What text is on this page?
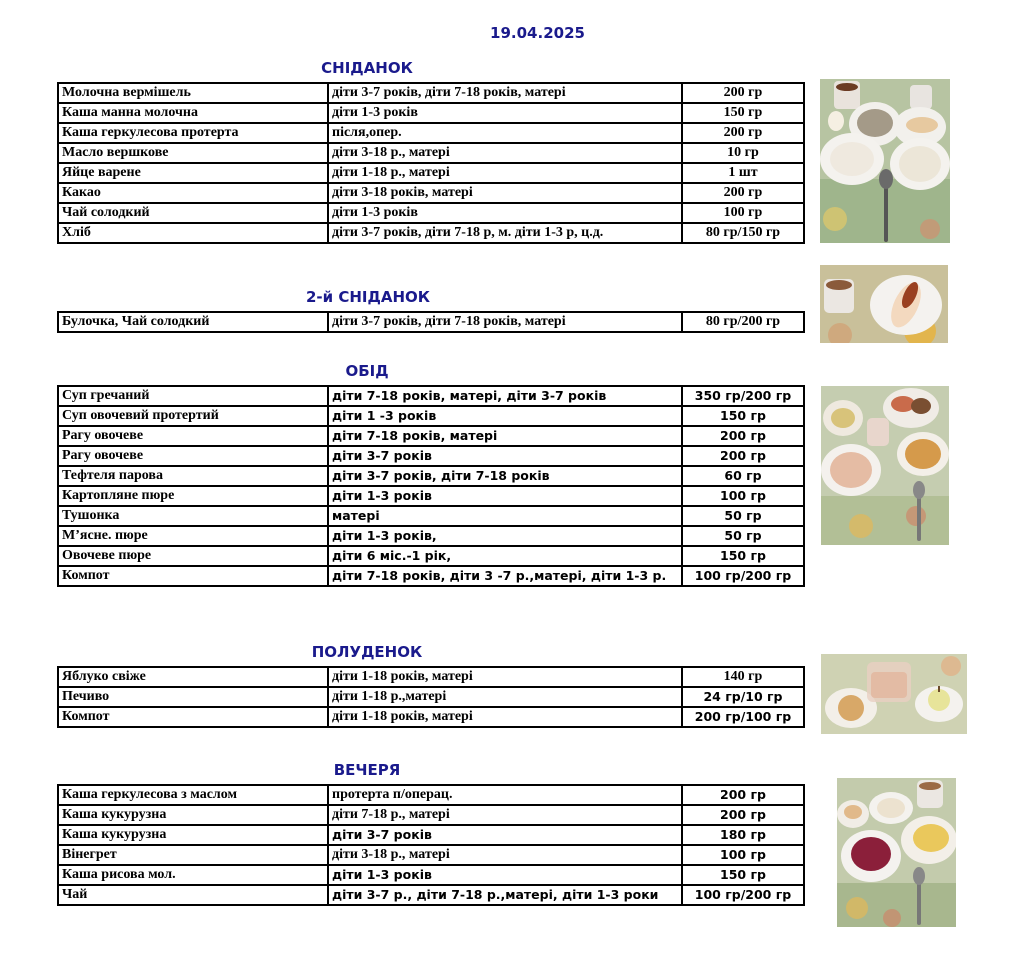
19.04.2025
СНІДАНОК
Молочна вермішель	діти 3-7 років, діти 7-18 років, матері	200 гр
Каша манна молочна	діти 1-3 років	150 гр
Каша геркулесова протерта	після,опер.	200 гр
Масло вершкове	діти 3-18 р., матері	10 гр
Яйце варене	діти 1-18 р., матері	1 шт
Какао	діти 3-18 років, матері	200 гр
Чай солодкий	діти 1-3 років	100 гр
Хліб	діти 3-7 років, діти 7-18 р, м. діти 1-3 р, ц.д.	80 гр/150 гр
2-й СНІДАНОК
Булочка, Чай солодкий	діти 3-7 років, діти 7-18 років, матері	80 гр/200 гр
ОБІД
Суп гречаний	діти 7-18 років, матері, діти 3-7 років	350 гр/200 гр
Суп овочевий протертий	діти 1 -3 років	150 гр
Рагу овочеве	діти 7-18 років, матері	200 гр
Рагу овочеве	діти 3-7 років	200 гр
Тефтеля парова	діти 3-7 років, діти 7-18 років	60 гр
Картопляне пюре	діти 1-3 років	100 гр
Тушонка	матері	50 гр
М’ясне. пюре	діти 1-3 років,	50 гр
Овочеве пюре	діти 6 міс.-1 рік,	150 гр
Компот	діти 7-18 років, діти 3 -7 р.,матері, діти 1-3 р.	100 гр/200 гр
ПОЛУДЕНОК
Яблуко свіже	діти 1-18 років, матері	140 гр
Печиво	діти 1-18 р.,матері	24 гр/10 гр
Компот	діти 1-18 років, матері	200 гр/100 гр
ВЕЧЕРЯ
Каша геркулесова з маслом	протерта п/операц.	200 гр
Каша кукурузна	діти 7-18 р., матері	200 гр
Каша кукурузна	діти 3-7 років	180 гр
Вінегрет	діти 3-18 р., матері	100 гр
Каша рисова мол.	діти 1-3 років	150 гр
Чай	діти 3-7 р., діти 7-18 р.,матері, діти 1-3 роки	100 гр/200 гр
